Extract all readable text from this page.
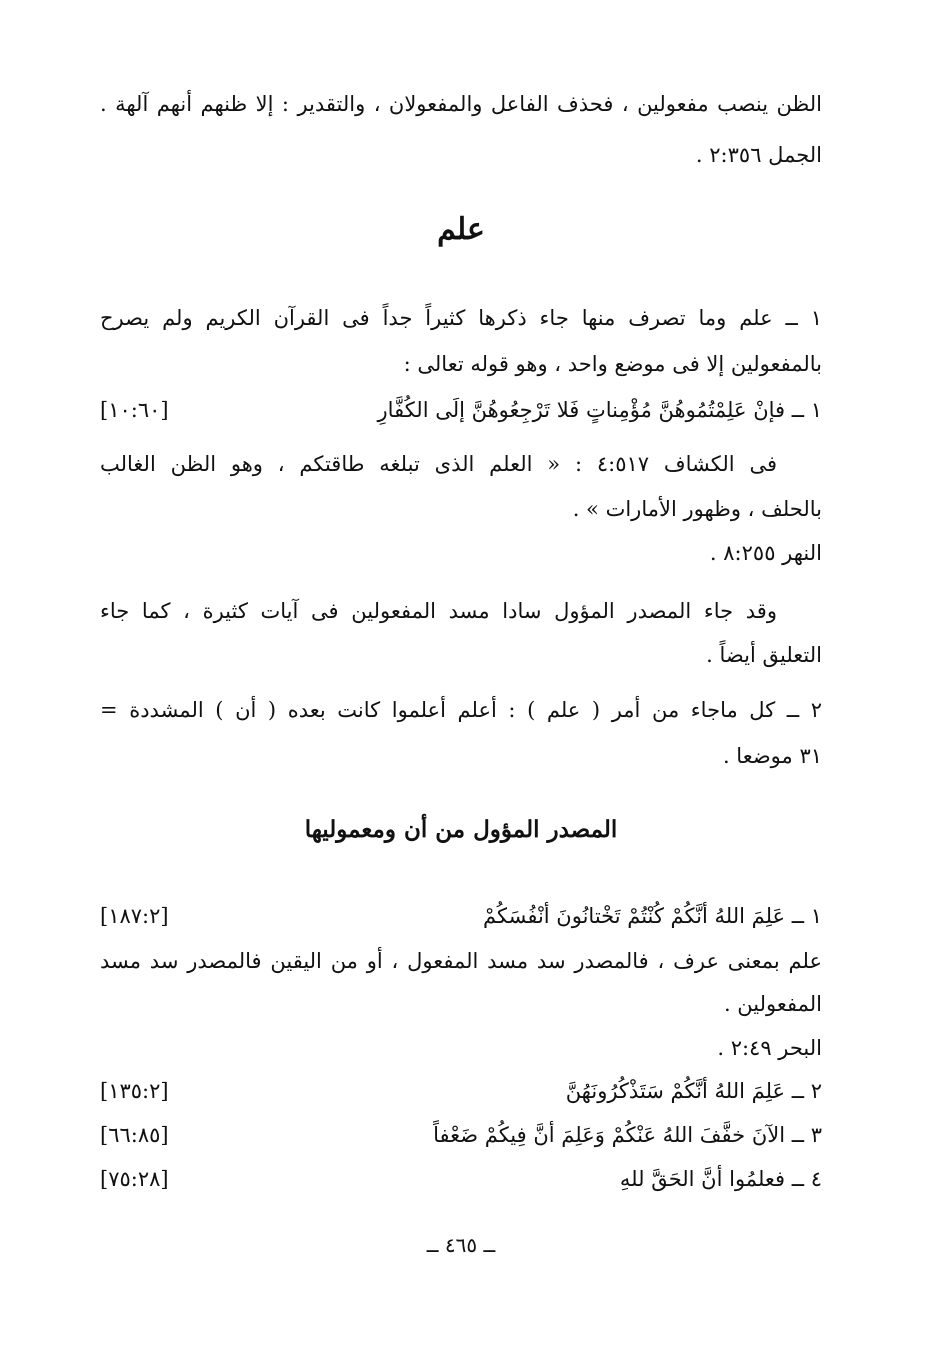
الظن ينصب مفعولين ، فحذف الفاعل والمفعولان ، والتقدير : إلا ظنهم أنهم آلهة .
الجمل ٢:٣٥٦ .
علم
١ ــ علم وما تصرف منها جاء ذكرها كثيراً جداً فى القرآن الكريم ولم يصرح
بالمفعولين إلا فى موضع واحد ، وهو قوله تعالى :
١ ــ فإنْ عَلِمْتُمُوهُنَّ مُؤْمِناتٍ فَلا تَرْجِعُوهُنَّ إلَى الكُفَّارِ
[١٠:٦٠]
فى الكشاف ٤:٥١٧ : « العلم الذى تبلغه طاقتكم ، وهو الظن الغالب
بالحلف ، وظهور الأمارات » .
النهر ٨:٢٥٥ .
وقد جاء المصدر المؤول سادا مسد المفعولين فى آيات كثيرة ، كما جاء
التعليق أيضاً .
٢ ــ كل ماجاء من أمر ( علم ) : أعلم أعلموا كانت بعده ( أن ) المشددة =
٣١ موضعا .
المصدر المؤول من أن ومعموليها
١ ــ عَلِمَ اللهُ أنَّكُمْ كُنْتُمْ تَخْتانُونَ أنْفُسَكُمْ
[١٨٧:٢]
علم بمعنى عرف ، فالمصدر سد مسد المفعول ، أو من اليقين فالمصدر سد مسد
المفعولين .
البحر ٢:٤٩ .
٢ ــ عَلِمَ اللهُ أنَّكُمْ سَتَذْكُرُونَهُنَّ
[١٣٥:٢]
٣ ــ الآنَ خفَّفَ اللهُ عَنْكُمْ وَعَلِمَ أنَّ فِيكُمْ ضَعْفاً
[٦٦:٨٥]
٤ ــ فعلمُوا أنَّ الحَقَّ للهِ
[٧٥:٢٨]
ــ ٤٦٥ ــ
